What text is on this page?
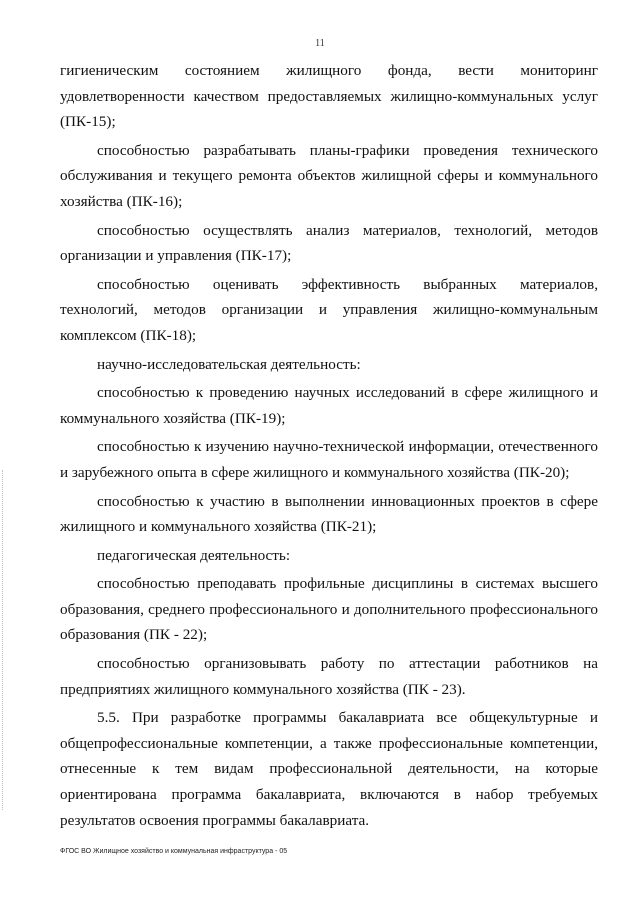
11

гигиеническим состоянием жилищного фонда, вести мониторинг удовлетворенности качеством предоставляемых жилищно-коммунальных услуг (ПК-15);

способностью разрабатывать планы-графики проведения технического обслуживания и текущего ремонта объектов жилищной сферы и коммунального хозяйства (ПК-16);

способностью осуществлять анализ материалов, технологий, методов организации и управления (ПК-17);

способностью оценивать эффективность выбранных материалов, технологий, методов организации и управления жилищно-коммунальным комплексом (ПК-18);

научно-исследовательская деятельность:

способностью к проведению научных исследований в сфере жилищного и коммунального хозяйства (ПК-19);

способностью к изучению научно-технической информации, отечественного и зарубежного опыта в сфере жилищного и коммунального хозяйства (ПК-20);

способностью к участию в выполнении инновационных проектов в сфере жилищного и коммунального хозяйства (ПК-21);

педагогическая деятельность:

способностью преподавать профильные дисциплины в системах высшего образования, среднего профессионального и дополнительного профессионального образования (ПК - 22);

способностью организовывать работу по аттестации работников на предприятиях жилищного коммунального хозяйства (ПК - 23).

5.5. При разработке программы бакалавриата все общекультурные и общепрофессиональные компетенции, а также профессиональные компетенции, отнесенные к тем видам профессиональной деятельности, на которые ориентирована программа бакалавриата, включаются в набор требуемых результатов освоения программы бакалавриата.

ФГОС ВО Жилищное хозяйство и коммунальная инфраструктура - 05
